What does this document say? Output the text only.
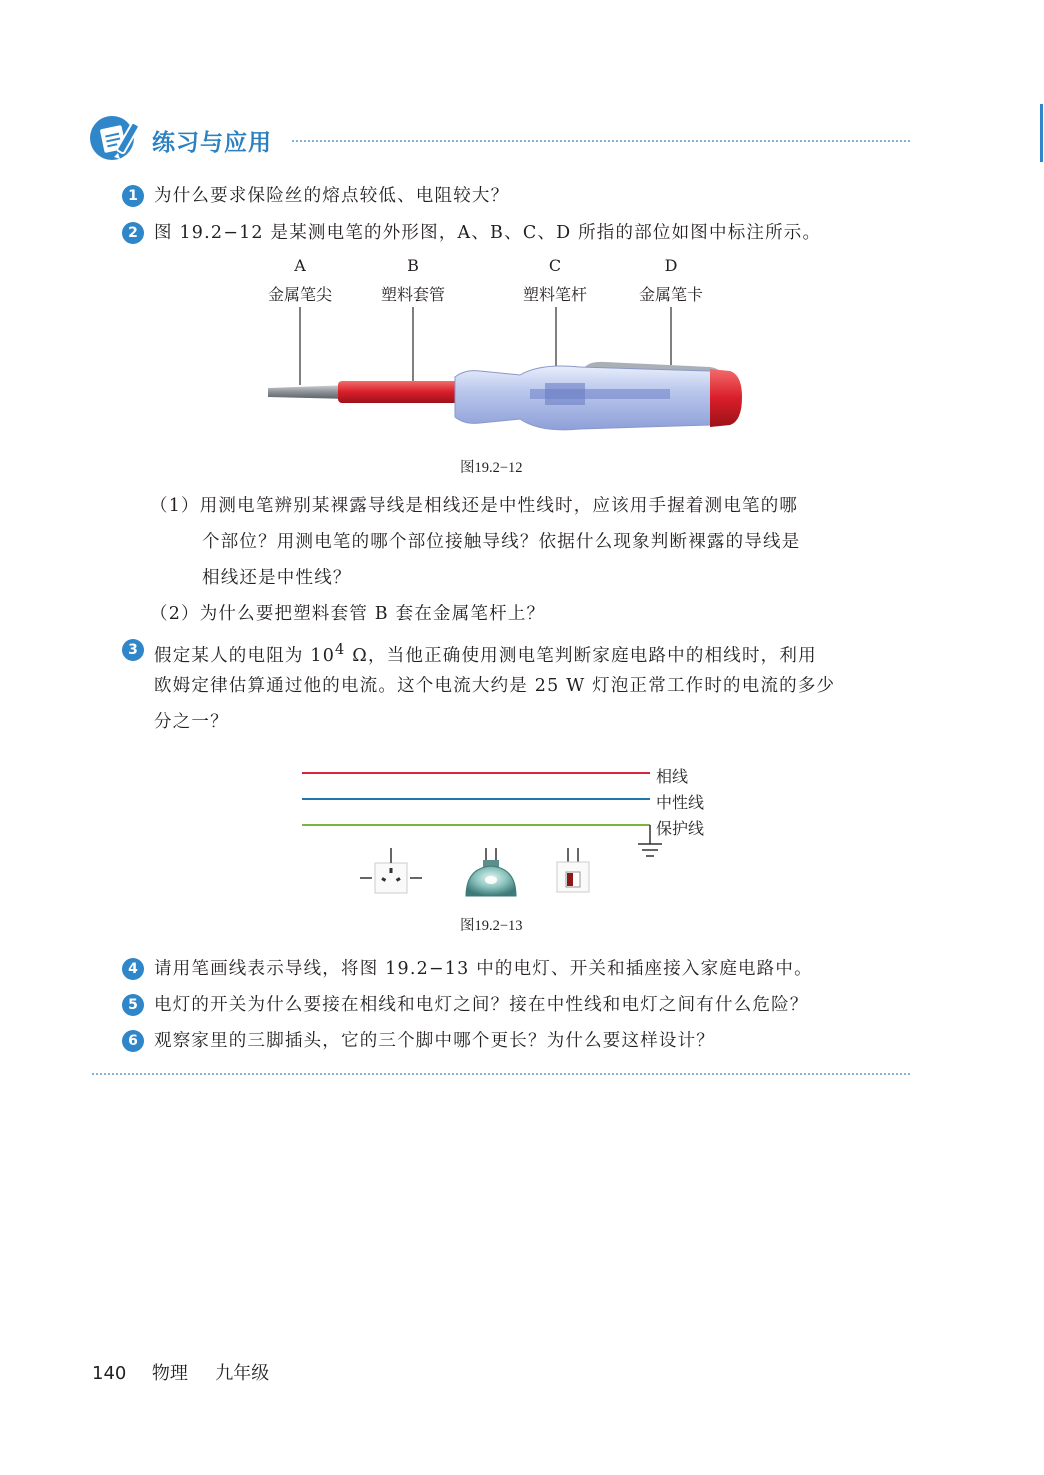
练习与应用
1 为什么要求保险丝的熔点较低、电阻较大？
2 图 19.2−12 是某测电笔的外形图，A、B、C、D 所指的部位如图中标注所示。
A
金属笔尖
B
塑料套管
C
塑料笔杆
D
金属笔卡
图19.2−12
（1）用测电笔辨别某裸露导线是相线还是中性线时，应该用手握着测电笔的哪
个部位？用测电笔的哪个部位接触导线？依据什么现象判断裸露的导线是
相线还是中性线？
（2）为什么要把塑料套管 B 套在金属笔杆上？
3 假定某人的电阻为 $10^4$ Ω，当他正确使用测电笔判断家庭电路中的相线时，利用
欧姆定律估算通过他的电流。这个电流大约是 25 W 灯泡正常工作时的电流的多少
分之一？
相线
中性线
保护线
图19.2−13
4 请用笔画线表示导线，将图 19.2−13 中的电灯、开关和插座接入家庭电路中。
5 电灯的开关为什么要接在相线和电灯之间？接在中性线和电灯之间有什么危险？
6 观察家里的三脚插头，它的三个脚中哪个更长？为什么要这样设计？
140 物理 九年级
